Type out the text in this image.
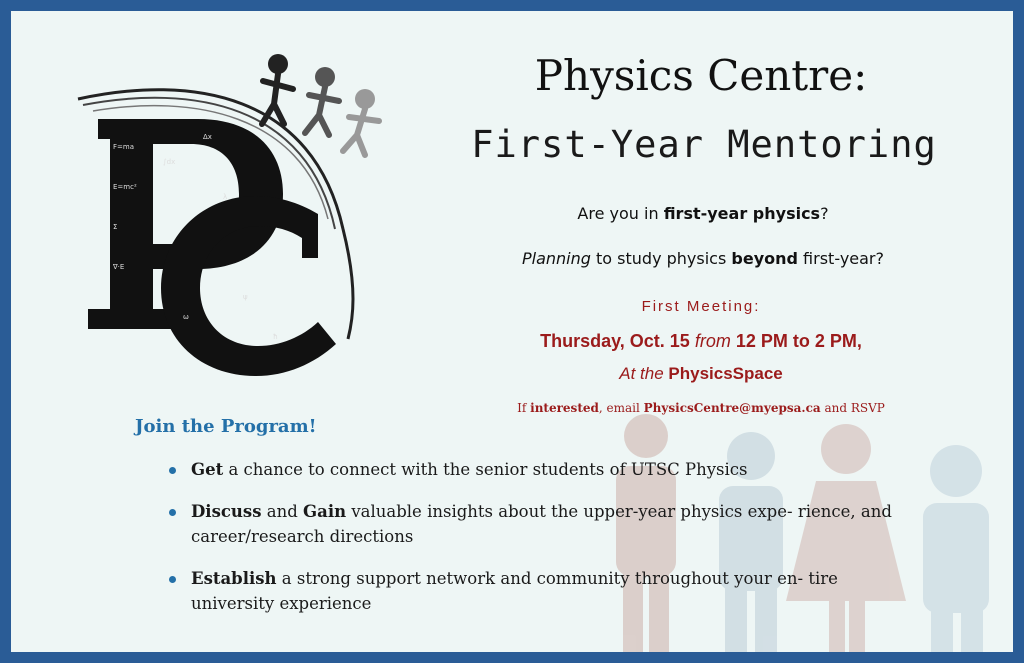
F=ma
∫dx
E=mc²
Δx
Σ
λ
∇·E
ω
ψ
ħ
Physics Centre:
First-Year Mentoring
Are you in first-year physics?
Planning to study physics beyond first-year?
First Meeting:
Thursday, Oct. 15 from 12 PM to 2 PM,
At the PhysicsSpace
If interested, email PhysicsCentre@myepsa.ca and RSVP
Join the Program!
Get a chance to connect with the senior students of UTSC Physics
Discuss and Gain valuable insights about the upper-year physics expe- rience, and career/research directions
Establish a strong support network and community throughout your en- tire university experience
